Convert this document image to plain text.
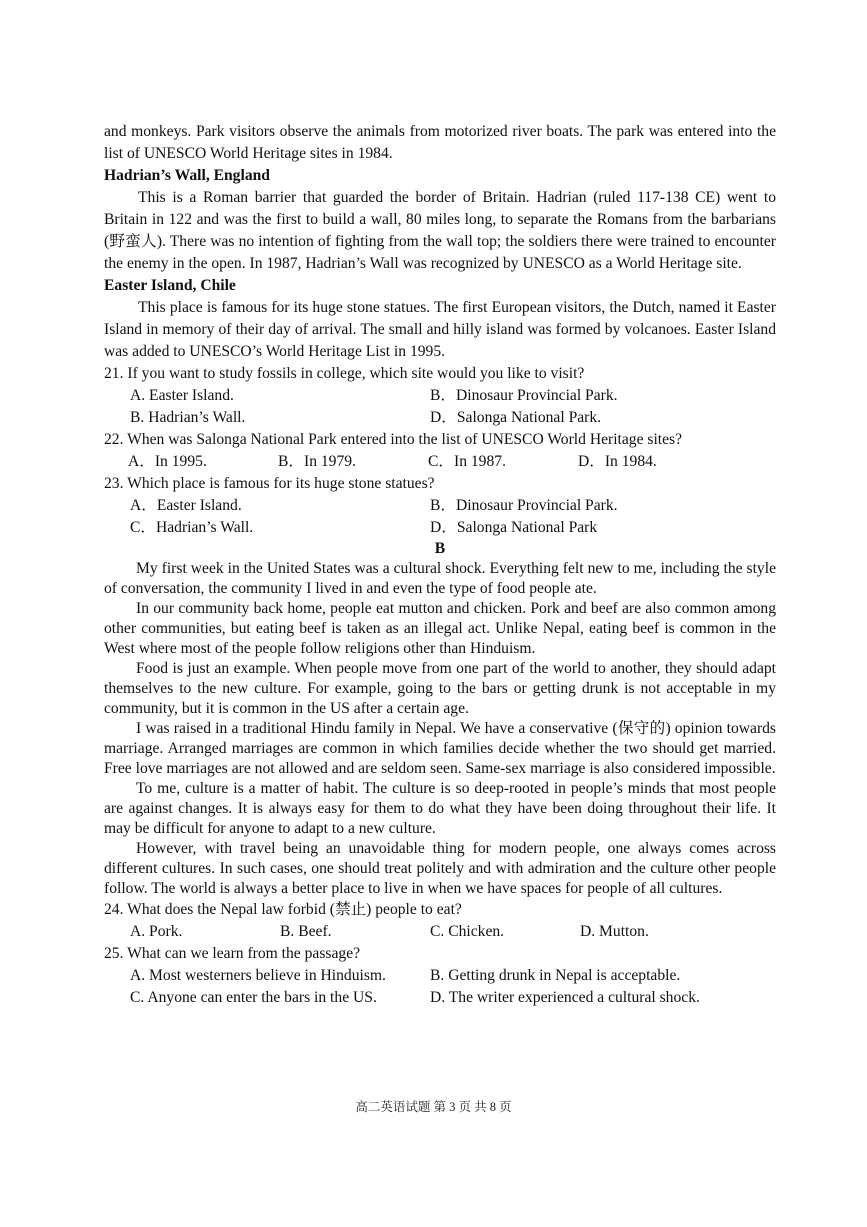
and monkeys. Park visitors observe the animals from motorized river boats. The park was entered into the list of UNESCO World Heritage sites in 1984.

Hadrian’s Wall, England

This is a Roman barrier that guarded the border of Britain. Hadrian (ruled 117-138 CE) went to Britain in 122 and was the first to build a wall, 80 miles long, to separate the Romans from the barbarians (野蛮人). There was no intention of fighting from the wall top; the soldiers there were trained to encounter the enemy in the open. In 1987, Hadrian’s Wall was recognized by UNESCO as a World Heritage site.

Easter Island, Chile

This place is famous for its huge stone statues. The first European visitors, the Dutch, named it Easter Island in memory of their day of arrival. The small and hilly island was formed by volcanoes. Easter Island was added to UNESCO’s World Heritage List in 1995.

21. If you want to study fossils in college, which site would you like to visit?

A. Easter Island.	B．Dinosaur Provincial Park.
B. Hadrian’s Wall.	D．Salonga National Park.

22. When was Salonga National Park entered into the list of UNESCO World Heritage sites?

A．In 1995.	B．In 1979.	C．In 1987.	D．In 1984.

23. Which place is famous for its huge stone statues?

A．Easter Island.	B．Dinosaur Provincial Park.
C．Hadrian’s Wall.	D．Salonga National Park
B

My first week in the United States was a cultural shock. Everything felt new to me, including the style of conversation, the community I lived in and even the type of food people ate.

In our community back home, people eat mutton and chicken. Pork and beef are also common among other communities, but eating beef is taken as an illegal act. Unlike Nepal, eating beef is common in the West where most of the people follow religions other than Hinduism.

Food is just an example. When people move from one part of the world to another, they should adapt themselves to the new culture. For example, going to the bars or getting drunk is not acceptable in my community, but it is common in the US after a certain age.

I was raised in a traditional Hindu family in Nepal. We have a conservative (保守的) opinion towards marriage. Arranged marriages are common in which families decide whether the two should get married. Free love marriages are not allowed and are seldom seen. Same-sex marriage is also considered impossible.

To me, culture is a matter of habit. The culture is so deep-rooted in people’s minds that most people are against changes. It is always easy for them to do what they have been doing throughout their life. It may be difficult for anyone to adapt to a new culture.

However, with travel being an unavoidable thing for modern people, one always comes across different cultures. In such cases, one should treat politely and with admiration and the culture other people follow. The world is always a better place to live in when we have spaces for people of all cultures.

24. What does the Nepal law forbid (禁止) people to eat?

A. Pork.	B. Beef.	C. Chicken.	D. Mutton.

25. What can we learn from the passage?

A. Most westerners believe in Hinduism.	B. Getting drunk in Nepal is acceptable.
C. Anyone can enter the bars in the US.	D. The writer experienced a cultural shock.
高二英语试题 第 3 页 共 8 页
